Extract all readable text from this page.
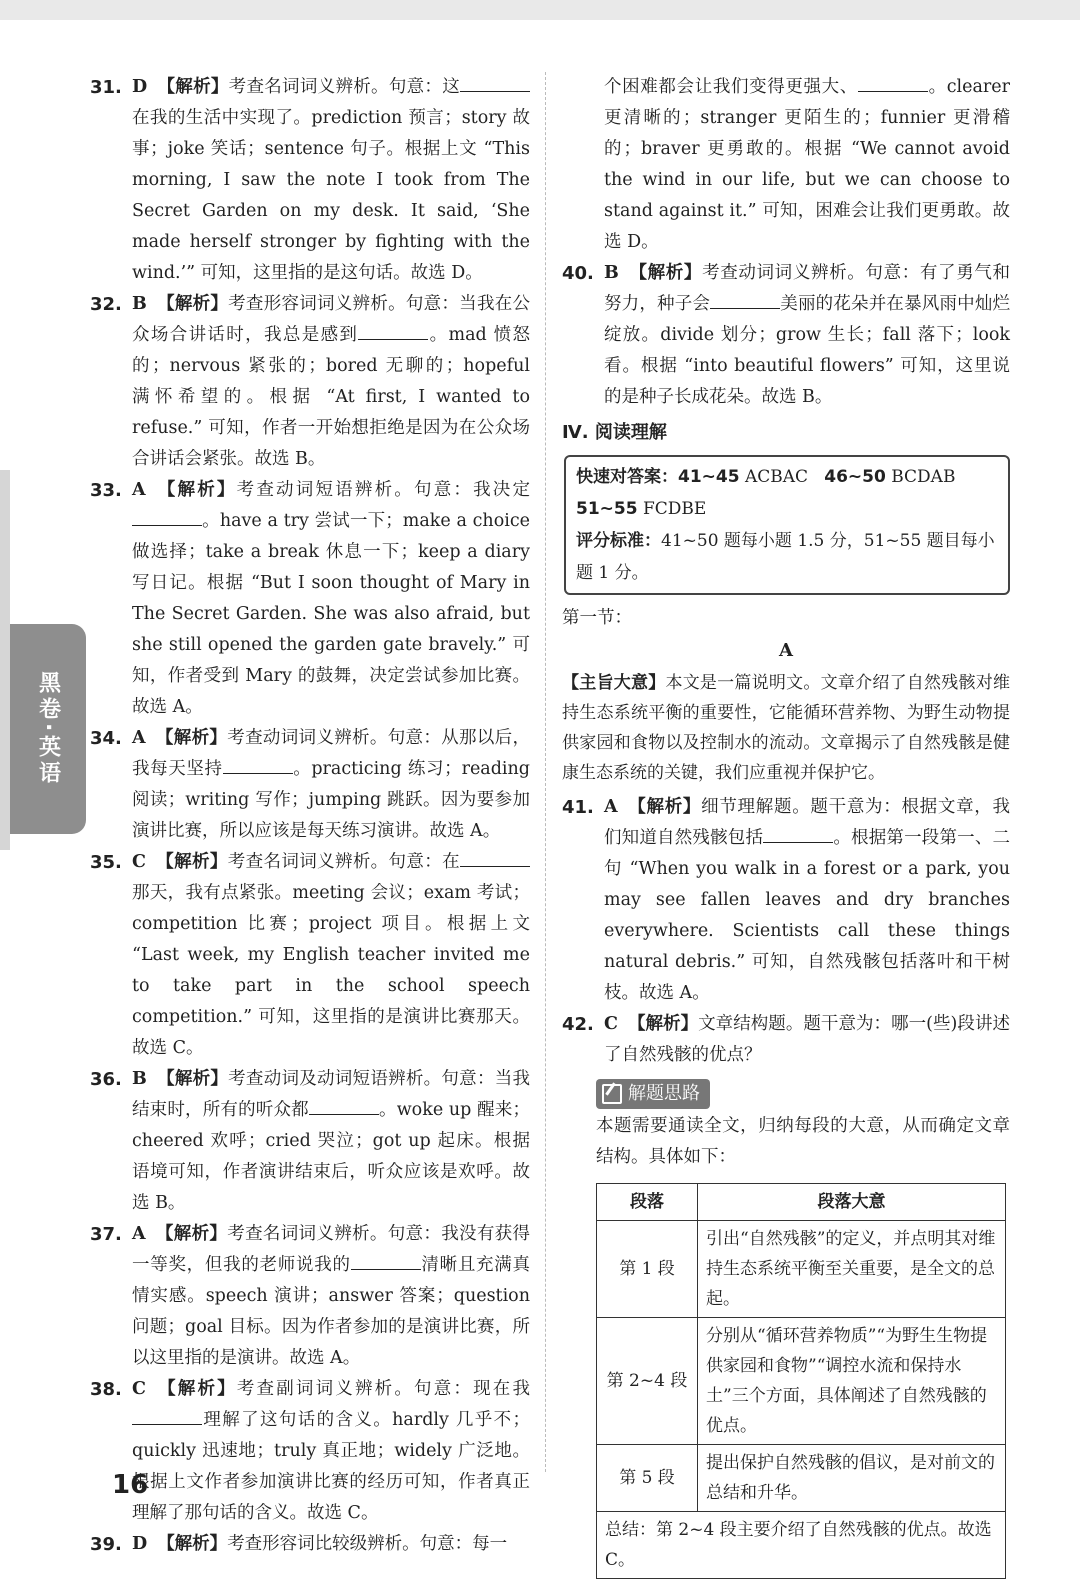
黑卷·英语
31. D 【解析】考查名词词义辨析。句意：这在我的生活中实现了。prediction 预言；story 故事；joke 笑话；sentence 句子。根据上文 “This morning, I saw the note I took from The Secret Garden on my desk. It said, ‘She made herself stronger by fighting with the wind.’” 可知，这里指的是这句话。故选 D。
32. B 【解析】考查形容词词义辨析。句意：当我在公众场合讲话时，我总是感到	。mad 愤怒的；nervous 紧张的；bored 无聊的；hopeful 满怀希望的。根据 “At first, I wanted to refuse.” 可知，作者一开始想拒绝是因为在公众场合讲话会紧张。故选 B。
33. A 【解析】考查动词短语辨析。句意：我决定。have a try 尝试一下；make a choice 做选择；take a break 休息一下；keep a diary 写日记。根据 “But I soon thought of Mary in The Secret Garden. She was also afraid, but she still opened the garden gate bravely.” 可知，作者受到 Mary 的鼓舞，决定尝试参加比赛。故选 A。
34. A 【解析】考查动词词义辨析。句意：从那以后，我每天坚持	。practicing 练习；reading 阅读；writing 写作；jumping 跳跃。因为要参加演讲比赛，所以应该是每天练习演讲。故选 A。
35. C 【解析】考查名词词义辨析。句意：在那天，我有点紧张。meeting 会议；exam 考试；competition 比赛；project 项目。根据上文 “Last week, my English teacher invited me to take part in the school speech competition.” 可知，这里指的是演讲比赛那天。故选 C。
36. B 【解析】考查动词及动词短语辨析。句意：当我结束时，所有的听众都	。woke up 醒来；cheered 欢呼；cried 哭泣；got up 起床。根据语境可知，作者演讲结束后，听众应该是欢呼。故选 B。
37. A 【解析】考查名词词义辨析。句意：我没有获得一等奖，但我的老师说我的	清晰且充满真情实感。speech 演讲；answer 答案；question 问题；goal 目标。因为作者参加的是演讲比赛，所以这里指的是演讲。故选 A。
38. C 【解析】考查副词词义辨析。句意：现在我理解了这句话的含义。hardly 几乎不；quickly 迅速地；truly 真正地；widely 广泛地。根据上文作者参加演讲比赛的经历可知，作者真正理解了那句话的含义。故选 C。
39. D 【解析】考查形容词比较级辨析。句意：每一
个困难都会让我们变得更强大、	。clearer 更清晰的；stranger 更陌生的；funnier 更滑稽的；braver 更勇敢的。根据 “We cannot avoid the wind in our life, but we can choose to stand against it.” 可知，困难会让我们更勇敢。故选 D。
40. B 【解析】考查动词词义辨析。句意：有了勇气和努力，种子会	美丽的花朵并在暴风雨中灿烂绽放。divide 划分；grow 生长；fall 落下；look 看。根据 “into beautiful flowers” 可知，这里说的是种子长成花朵。故选 B。
Ⅳ. 阅读理解
快速对答案：41~45 ACBAC 46~50 BCDAB
51~55 FCDBE
评分标准：41~50 题每小题 1.5 分，51~55 题目每小题 1 分。
第一节：
A
【主旨大意】本文是一篇说明文。文章介绍了自然残骸对维持生态系统平衡的重要性，它能循环营养物、为野生动物提供家园和食物以及控制水的流动。文章揭示了自然残骸是健康生态系统的关键，我们应重视并保护它。
41. A 【解析】细节理解题。题干意为：根据文章，我们知道自然残骸包括	。根据第一段第一、二句 “When you walk in a forest or a park, you may see fallen leaves and dry branches everywhere. Scientists call these things natural debris.” 可知，自然残骸包括落叶和干树枝。故选 A。
42. C 【解析】文章结构题。题干意为：哪一(些)段讲述了自然残骸的优点？
解题思路
本题需要通读全文，归纳每段的大意，从而确定文章结构。具体如下：
段落	段落大意
第 1 段	引出“自然残骸”的定义，并点明其对维持生态系统平衡至关重要，是全文的总起。
第 2~4 段	分别从“循环营养物质”“为野生生物提供家园和食物”“调控水流和保持水土”三个方面，具体阐述了自然残骸的优点。
第 5 段	提出保护自然残骸的倡议，是对前文的总结和升华。
总结：第 2~4 段主要介绍了自然残骸的优点。故选 C。	
16
